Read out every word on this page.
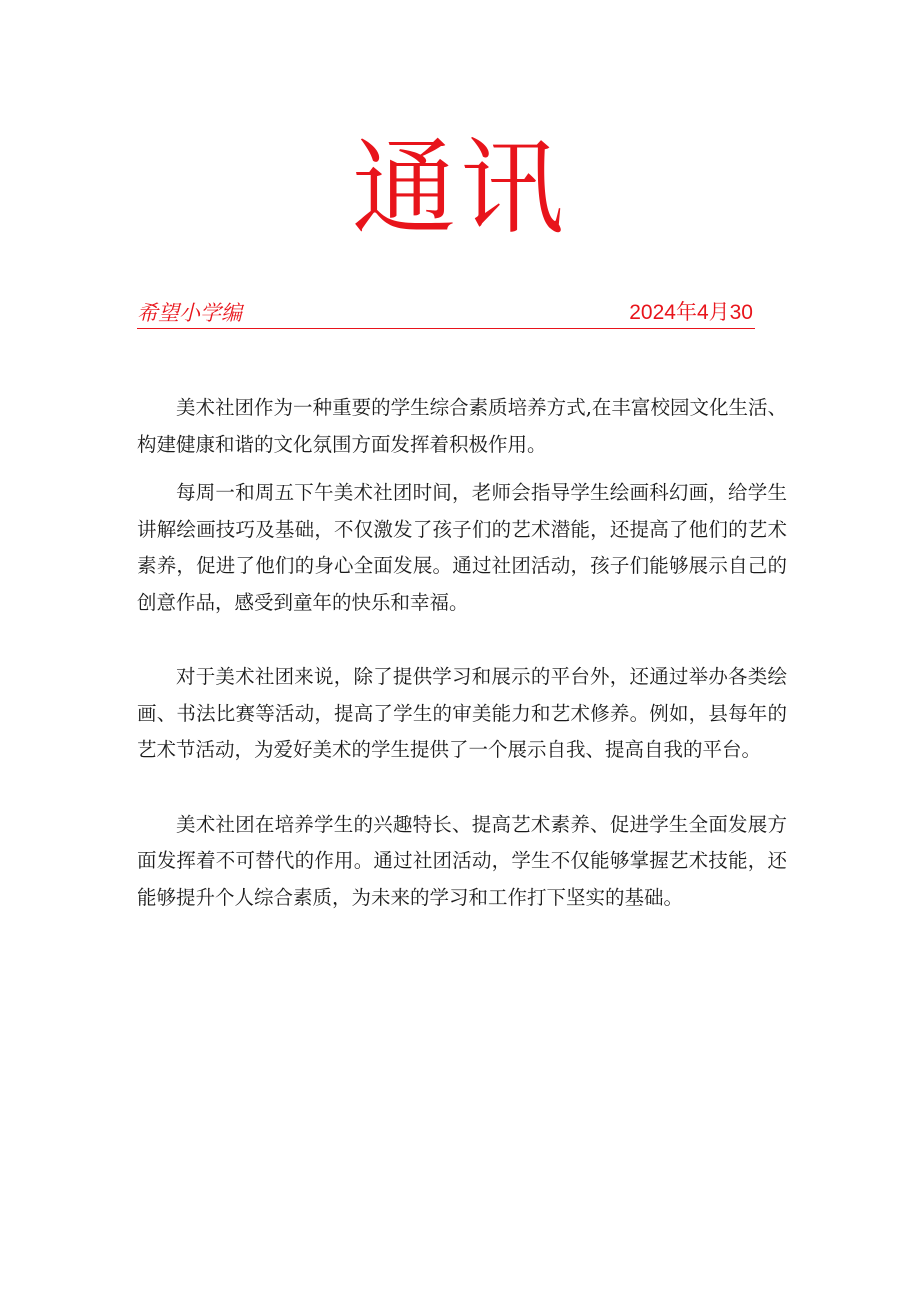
通讯
希望小学编	2024年4月30

美术社团作为一种重要的学生综合素质培养方式,在丰富校园文化生活、构建健康和谐的文化氛围方面发挥着积极作用。

每周一和周五下午美术社团时间，老师会指导学生绘画科幻画，给学生讲解绘画技巧及基础，不仅激发了孩子们的艺术潜能，还提高了他们的艺术素养，促进了他们的身心全面发展。通过社团活动，孩子们能够展示自己的创意作品，感受到童年的快乐和幸福。

对于美术社团来说，除了提供学习和展示的平台外，还通过举办各类绘画、书法比赛等活动，提高了学生的审美能力和艺术修养。例如，县每年的艺术节活动，为爱好美术的学生提供了一个展示自我、提高自我的平台。

美术社团在培养学生的兴趣特长、提高艺术素养、促进学生全面发展方面发挥着不可替代的作用。通过社团活动，学生不仅能够掌握艺术技能，还能够提升个人综合素质，为未来的学习和工作打下坚实的基础。
